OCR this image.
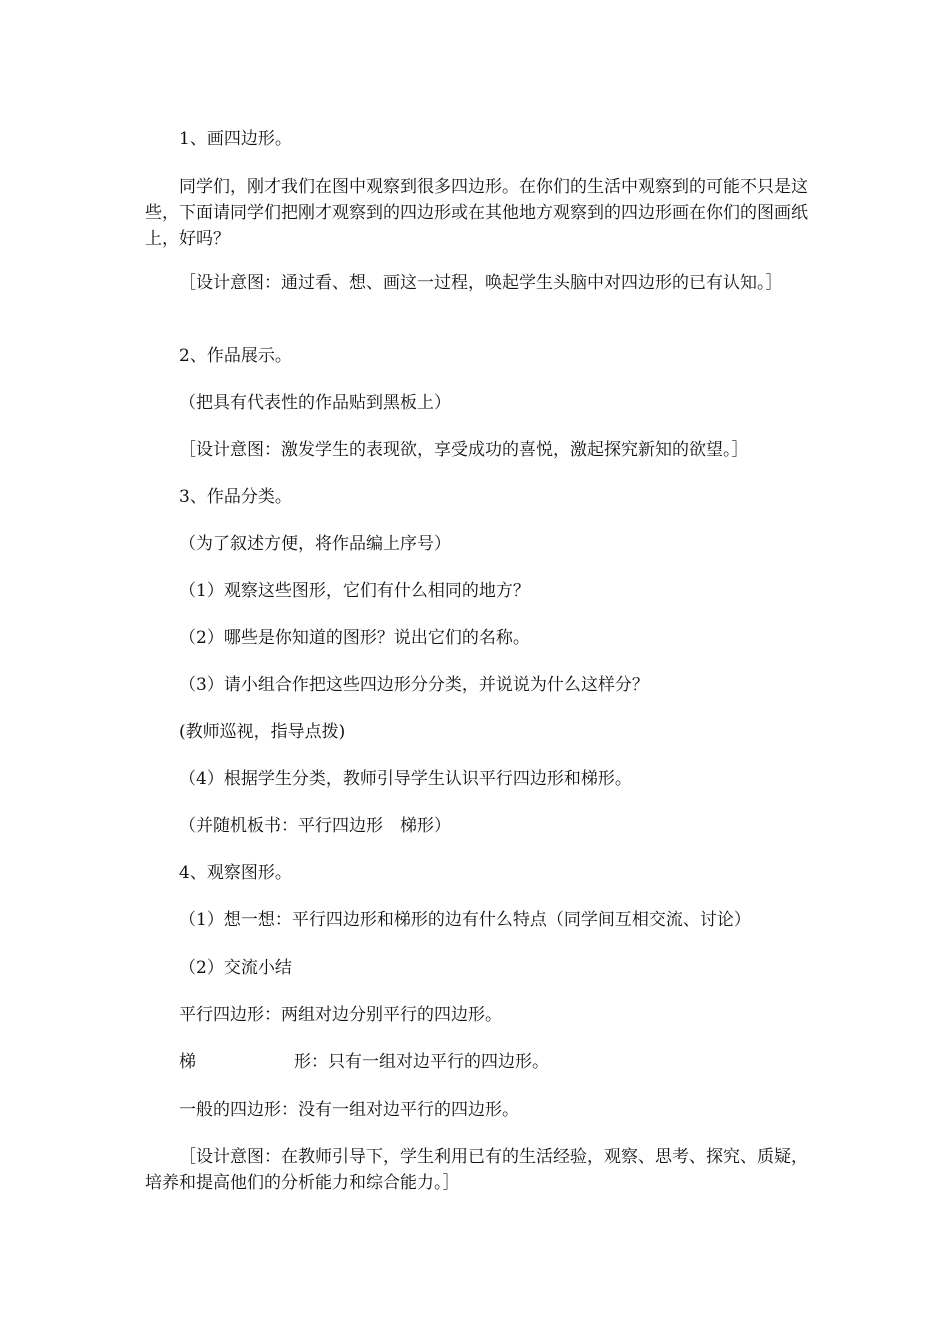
1、画四边形。

同学们，刚才我们在图中观察到很多四边形。在你们的生活中观察到的可能不只是这些，下面请同学们把刚才观察到的四边形或在其他地方观察到的四边形画在你们的图画纸上，好吗？

［设计意图：通过看、想、画这一过程，唤起学生头脑中对四边形的已有认知。］

2、作品展示。

（把具有代表性的作品贴到黑板上）

［设计意图：激发学生的表现欲，享受成功的喜悦，激起探究新知的欲望。］

3、作品分类。

（为了叙述方便，将作品编上序号）

（1）观察这些图形，它们有什么相同的地方？

（2）哪些是你知道的图形？说出它们的名称。

（3）请小组合作把这些四边形分分类，并说说为什么这样分？

(教师巡视，指导点拨)

（4）根据学生分类，教师引导学生认识平行四边形和梯形。

（并随机板书：平行四边形　梯形）

4、观察图形。

（1）想一想：平行四边形和梯形的边有什么特点（同学间互相交流、讨论）

（2）交流小结

平行四边形：两组对边分别平行的四边形。

梯	形：只有一组对边平行的四边形。

一般的四边形：没有一组对边平行的四边形。

［设计意图：在教师引导下，学生利用已有的生活经验，观察、思考、探究、质疑，培养和提高他们的分析能力和综合能力。］
